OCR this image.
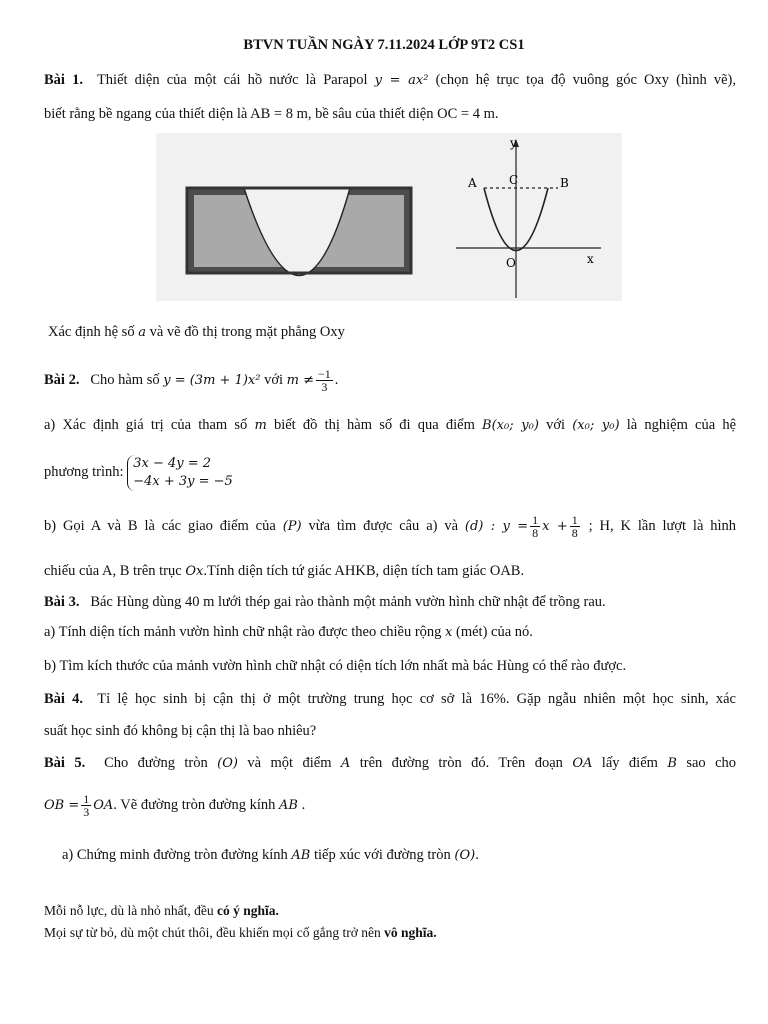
BTVN TUẦN NGÀY 7.11.2024 LỚP 9T2 CS1
Bài 1. Thiết diện của một cái hồ nước là Parapol y = ax² (chọn hệ trục tọa độ vuông góc Oxy (hình vẽ),
biết rằng bề ngang của thiết diện là AB = 8 m, bề sâu của thiết diện OC = 4 m.
y
x
A	C	B
O
Xác định hệ số a và vẽ đồ thị trong mặt phẳng Oxy
Bài 2. Cho hàm số y = (3m + 1)x² với $m \ne \frac{-1}{3}$ .
a) Xác định giá trị của tham số m biết đồ thị hàm số đi qua điểm B(x₀; y₀) với (x₀; y₀) là nghiệm của hệ
phương trình:
3x − 4y = 2
−4x + 3y = −5
b) Gọi A và B là các giao điểm của (P) vừa tìm được câu a) và (d) : $y = \frac{1}{8}$ $x + \frac{1}{8}$ ; H, K lần lượt là hình
chiếu của A, B trên trục Ox.Tính diện tích tứ giác AHKB, diện tích tam giác OAB.
Bài 3. Bác Hùng dùng 40 m lưới thép gai rào thành một mảnh vườn hình chữ nhật để trồng rau.
a) Tính diện tích mảnh vườn hình chữ nhật rào được theo chiều rộng x (mét) của nó.
b) Tìm kích thước của mảnh vườn hình chữ nhật có diện tích lớn nhất mà bác Hùng có thể rào được.
Bài 4. Tỉ lệ học sinh bị cận thị ở một trường trung học cơ sở là 16%. Gặp ngẫu nhiên một học sinh, xác
suất học sinh đó không bị cận thị là bao nhiêu?
Bài 5. Cho đường tròn (O) và một điểm A trên đường tròn đó. Trên đoạn OA lấy điểm B sao cho
OB = $\frac{1}{3}$ OA. Vẽ đường tròn đường kính AB .
a) Chứng minh đường tròn đường kính AB tiếp xúc với đường tròn (O).
Mỗi nỗ lực, dù là nhỏ nhất, đều có ý nghĩa.
Mọi sự từ bỏ, dù một chút thôi, đều khiến mọi cố gắng trở nên vô nghĩa.
